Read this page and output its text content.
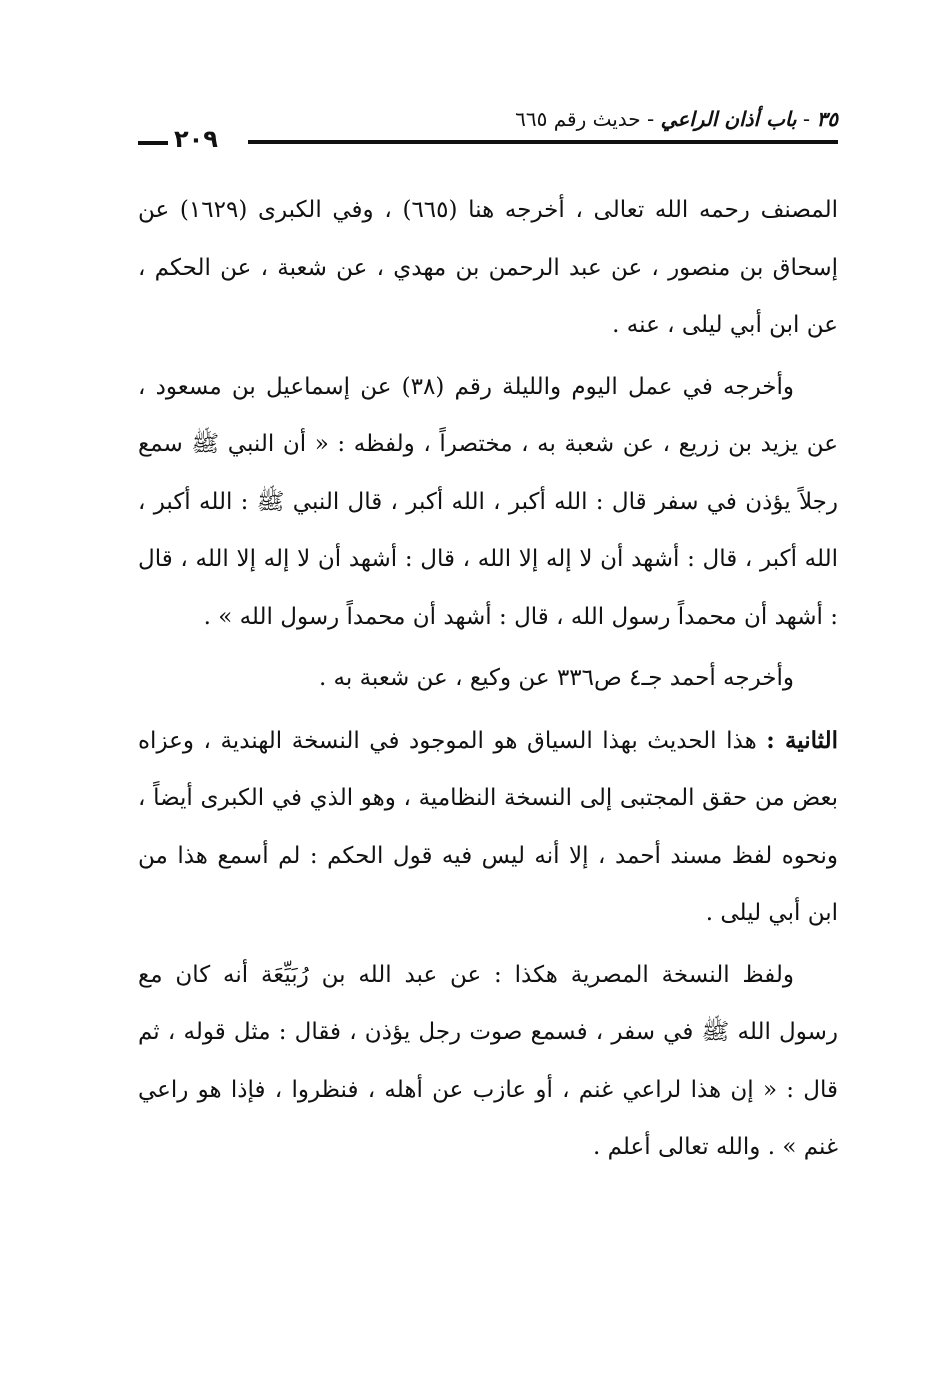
٣٥ - باب أذان الراعي - حديث رقم ٦٦٥
٢٠٩

المصنف رحمه الله تعالى ، أخرجه هنا (٦٦٥) ، وفي الكبرى (١٦٢٩) عن إسحاق بن منصور ، عن عبد الرحمن بن مهدي ، عن شعبة ، عن الحكم ، عن ابن أبي ليلى ، عنه .

وأخرجه في عمل اليوم والليلة رقم (٣٨) عن إسماعيل بن مسعود ، عن يزيد بن زريع ، عن شعبة به ، مختصراً ، ولفظه : « أن النبي ﷺ سمع رجلاً يؤذن في سفر قال : الله أكبر ، الله أكبر ، قال النبي ﷺ : الله أكبر ، الله أكبر ، قال : أشهد أن لا إله إلا الله ، قال : أشهد أن لا إله إلا الله ، قال : أشهد أن محمداً رسول الله ، قال : أشهد أن محمداً رسول الله » .

وأخرجه أحمد جـ٤ ص٣٣٦ عن وكيع ، عن شعبة به .

الثانية : هذا الحديث بهذا السياق هو الموجود في النسخة الهندية ، وعزاه بعض من حقق المجتبى إلى النسخة النظامية ، وهو الذي في الكبرى أيضاً ، ونحوه لفظ مسند أحمد ، إلا أنه ليس فيه قول الحكم : لم أسمع هذا من ابن أبي ليلى .

ولفظ النسخة المصرية هكذا : عن عبد الله بن رُبَيِّعَة أنه كان مع رسول الله ﷺ في سفر ، فسمع صوت رجل يؤذن ، فقال : مثل قوله ، ثم قال : « إن هذا لراعي غنم ، أو عازب عن أهله ، فنظروا ، فإذا هو راعي غنم » . والله تعالى أعلم .
